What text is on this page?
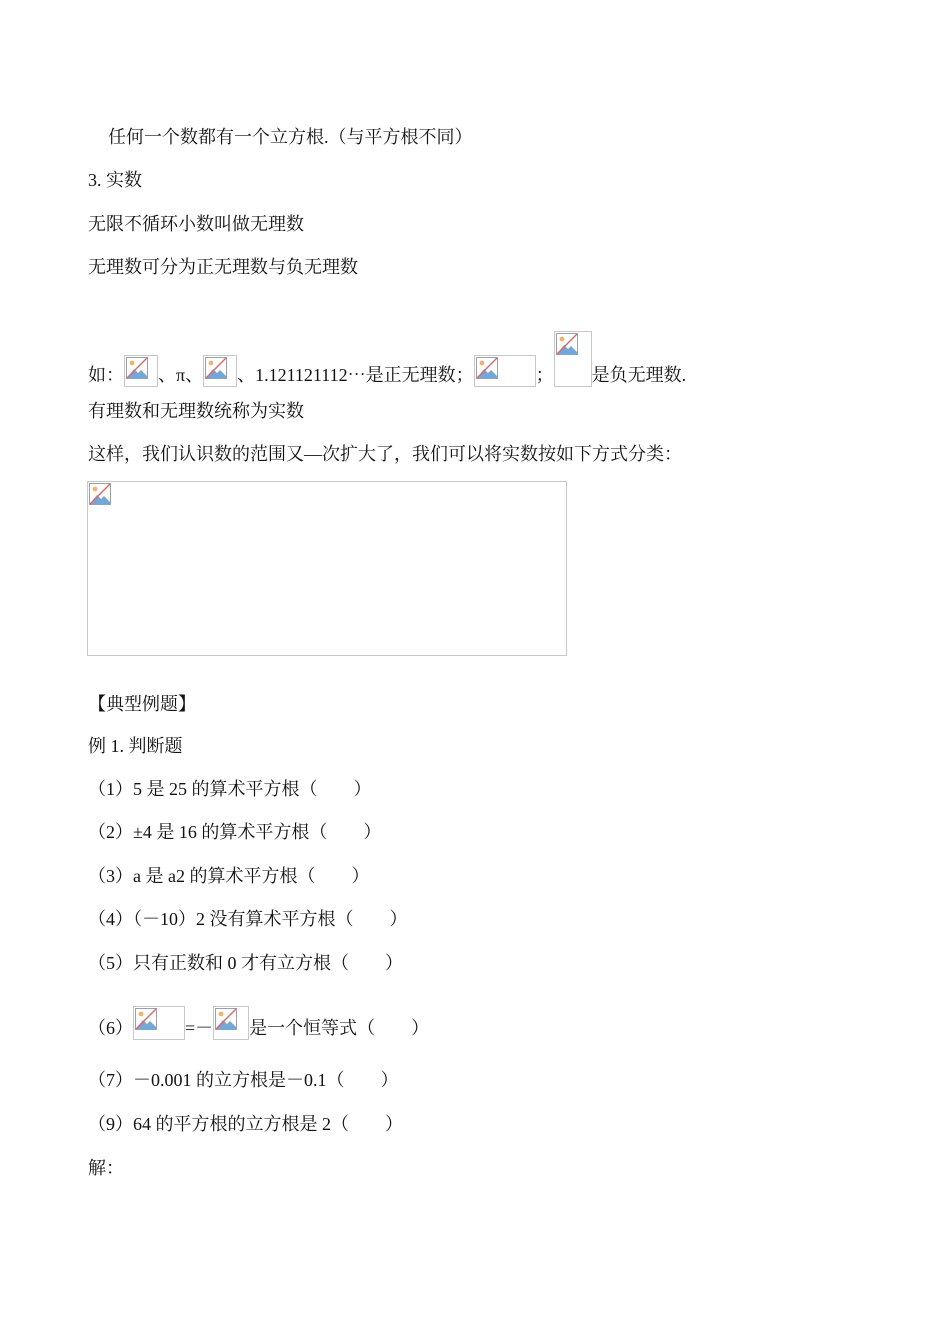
任何一个数都有一个立方根.（与平方根不同）
3. 实数
无限不循环小数叫做无理数
无理数可分为正无理数与负无理数
如： 、π、 、1.121121112⋯是正无理数；	； 是负无理数.
有理数和无理数统称为实数
这样，我们认识数的范围又—次扩大了，我们可以将实数按如下方式分类：
【典型例题】
例 1. 判断题
（1）5 是 25 的算术平方根（　　）
（2）±4 是 16 的算术平方根（　　）
（3）a 是 a2 的算术平方根（　　）
（4）（－10）2 没有算术平方根（　　）
（5）只有正数和 0 才有立方根（　　）
（6）	=－ 是一个恒等式（　　）
（7）－0.001 的立方根是－0.1（　　）
（9）64 的平方根的立方根是 2（　　）
解：
